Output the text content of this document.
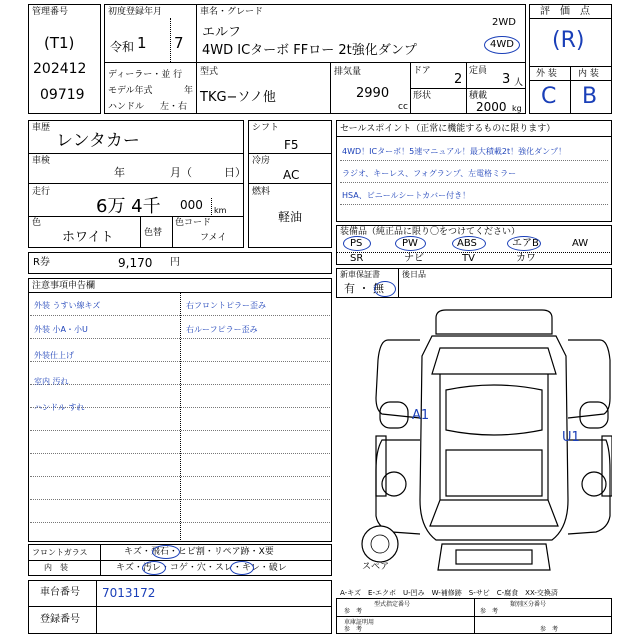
管理番号
(T1)
202412
09719
初度登録年月
令和 1 7
ディーラー・並 行
モデル年式	年
ハンドル 左・右
車名・グレード
エルフ
4WD ICターボ FFロー 2t強化ダンプ
2WD
4WD
型式
TKG−ソノ他
排気量
2990
cc
ドア
2
定員
3 人
形状	積載
2000 kg
評　価　点
(R)
外 装 内 装
C B
車歴
レンタカー
車検
年	月（	日）
走行
6万 4千 000 km
色
ホワイト	色替
色コード
フメイ
シフト
F5
冷房
AC
燃料
軽油
セールスポイント（正常に機能するものに限ります）
4WD！ICターボ！5速マニュアル！最大積載2t！強化ダンプ！
ラジオ、キーレス、フォグランプ、左電格ミラー
HSA、ビニールシートカバー付き！
装備品（純正品に限り〇をつけてください）
PS	PW	ABS	エアB	AW
SR	ナビ	TV	カワ
R券	9,170 円
新車保証書
有 ・ 無
後日品
注意事項申告欄
外装 うすい線キズ
外装 小A・小U
外装仕上げ
室内 汚れ
ハンドル すれ
右フロントピラー歪み
右ルーフピラー歪み
フロントガラス	キズ・飛石・ヒビ割・リペア跡・X要
内　装	キズ・汚レ・コゲ・穴・スレ・キレ・破レ
車台番号 7013172
登録番号
A1
U1
スペア
A-キズ　E-エクボ　U-凹み　W-補修跡　S-サビ　C-腐食　XX-交換済
型式指定番号
参　考
類別区分番号
参　考
車庫証明用
参　考	参　考
